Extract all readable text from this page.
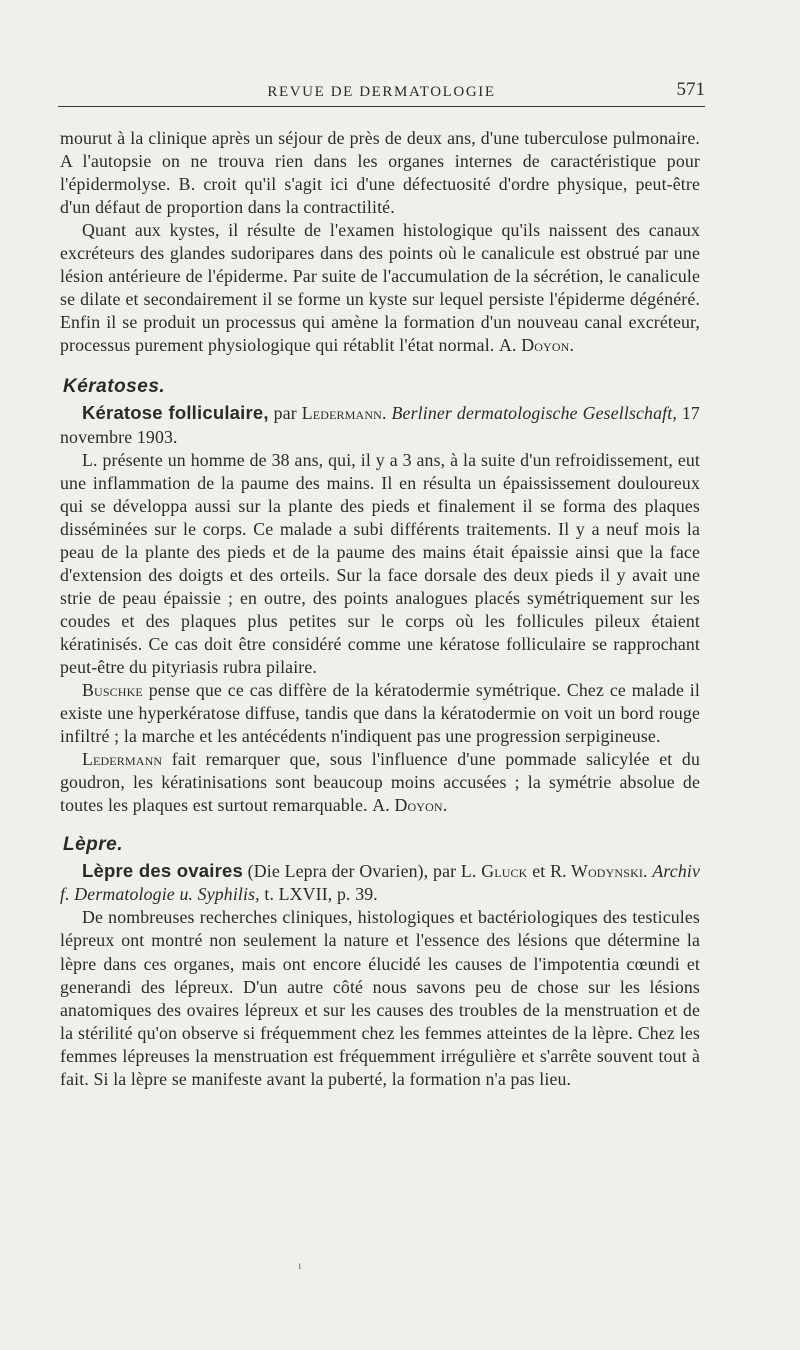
REVUE DE DERMATOLOGIE	571

mourut à la clinique après un séjour de près de deux ans, d'une tuberculose pulmonaire. A l'autopsie on ne trouva rien dans les organes internes de caractéristique pour l'épidermolyse. B. croit qu'il s'agit ici d'une défectuosité d'ordre physique, peut-être d'un défaut de proportion dans la contractilité.

Quant aux kystes, il résulte de l'examen histologique qu'ils naissent des canaux excréteurs des glandes sudoripares dans des points où le canalicule est obstrué par une lésion antérieure de l'épiderme. Par suite de l'accumulation de la sécrétion, le canalicule se dilate et secondairement il se forme un kyste sur lequel persiste l'épiderme dégénéré. Enfin il se produit un processus qui amène la formation d'un nouveau canal excréteur, processus purement physiologique qui rétablit l'état normal. A. Doyon.

Kératoses.

Kératose folliculaire, par Ledermann. Berliner dermatologische Gesellschaft, 17 novembre 1903.

L. présente un homme de 38 ans, qui, il y a 3 ans, à la suite d'un refroidissement, eut une inflammation de la paume des mains. Il en résulta un épaississement douloureux qui se développa aussi sur la plante des pieds et finalement il se forma des plaques disséminées sur le corps. Ce malade a subi différents traitements. Il y a neuf mois la peau de la plante des pieds et de la paume des mains était épaissie ainsi que la face d'extension des doigts et des orteils. Sur la face dorsale des deux pieds il y avait une strie de peau épaissie ; en outre, des points analogues placés symétriquement sur les coudes et des plaques plus petites sur le corps où les follicules pileux étaient kératinisés. Ce cas doit être considéré comme une kératose folliculaire se rapprochant peut-être du pityriasis rubra pilaire.

Buschke pense que ce cas diffère de la kératodermie symétrique. Chez ce malade il existe une hyperkératose diffuse, tandis que dans la kératodermie on voit un bord rouge infiltré ; la marche et les antécédents n'indiquent pas une progression serpigineuse.

Ledermann fait remarquer que, sous l'influence d'une pommade salicylée et du goudron, les kératinisations sont beaucoup moins accusées ; la symétrie absolue de toutes les plaques est surtout remarquable. A. Doyon.

Lèpre.

Lèpre des ovaires (Die Lepra der Ovarien), par L. Gluck et R. Wodynski. Archiv f. Dermatologie u. Syphilis, t. LXVII, p. 39.

De nombreuses recherches cliniques, histologiques et bactériologiques des testicules lépreux ont montré non seulement la nature et l'essence des lésions que détermine la lèpre dans ces organes, mais ont encore élucidé les causes de l'impotentia cœundi et generandi des lépreux. D'un autre côté nous savons peu de chose sur les lésions anatomiques des ovaires lépreux et sur les causes des troubles de la menstruation et de la stérilité qu'on observe si fréquemment chez les femmes atteintes de la lèpre. Chez les femmes lépreuses la menstruation est fréquemment irrégulière et s'arrête souvent tout à fait. Si la lèpre se manifeste avant la puberté, la formation n'a pas lieu.

ı
